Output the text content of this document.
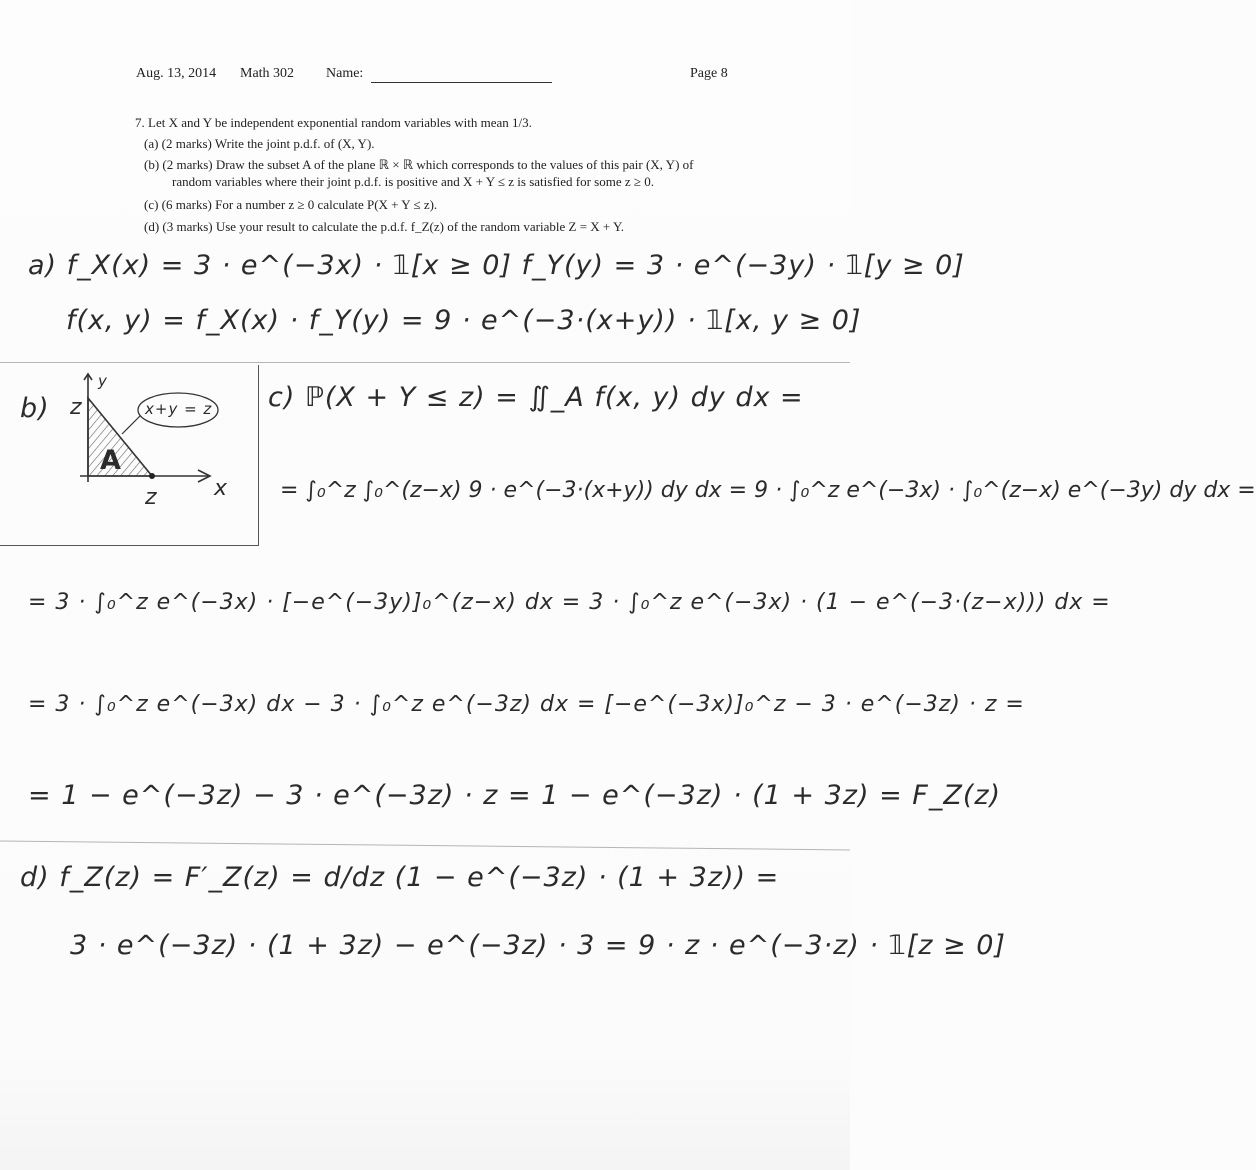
Aug. 13, 2014 Math 302 Name:	Page 8
7. Let X and Y be independent exponential random variables with mean 1/3.
(a) (2 marks) Write the joint p.d.f. of (X, Y).
(b) (2 marks) Draw the subset A of the plane ℝ × ℝ which corresponds to the values of this pair (X, Y) of
random variables where their joint p.d.f. is positive and X + Y ≤ z is satisfied for some z ≥ 0.
(c) (6 marks) For a number z ≥ 0 calculate P(X + Y ≤ z).
(d) (3 marks) Use your result to calculate the p.d.f. f_Z(z) of the random variable Z = X + Y.
a) f_X(x) = 3 · e^(−3x) · 𝟙[x ≥ 0] f_Y(y) = 3 · e^(−3y) · 𝟙[y ≥ 0]
f(x, y) = f_X(x) · f_Y(y) = 9 · e^(−3·(x+y)) · 𝟙[x, y ≥ 0]
b) z
y
x
z
A
x+y = z c) ℙ(X + Y ≤ z) = ∬_A f(x, y) dy dx =
= ∫₀^z ∫₀^(z−x) 9 · e^(−3·(x+y)) dy dx = 9 · ∫₀^z e^(−3x) · ∫₀^(z−x) e^(−3y) dy dx =
= 3 · ∫₀^z e^(−3x) · [−e^(−3y)]₀^(z−x) dx = 3 · ∫₀^z e^(−3x) · (1 − e^(−3·(z−x))) dx =
= 3 · ∫₀^z e^(−3x) dx − 3 · ∫₀^z e^(−3z) dx = [−e^(−3x)]₀^z − 3 · e^(−3z) · z =
= 1 − e^(−3z) − 3 · e^(−3z) · z = 1 − e^(−3z) · (1 + 3z) = F_Z(z)
d) f_Z(z) = F′_Z(z) = d/dz (1 − e^(−3z) · (1 + 3z)) =
3 · e^(−3z) · (1 + 3z) − e^(−3z) · 3 = 9 · z · e^(−3·z) · 𝟙[z ≥ 0]
